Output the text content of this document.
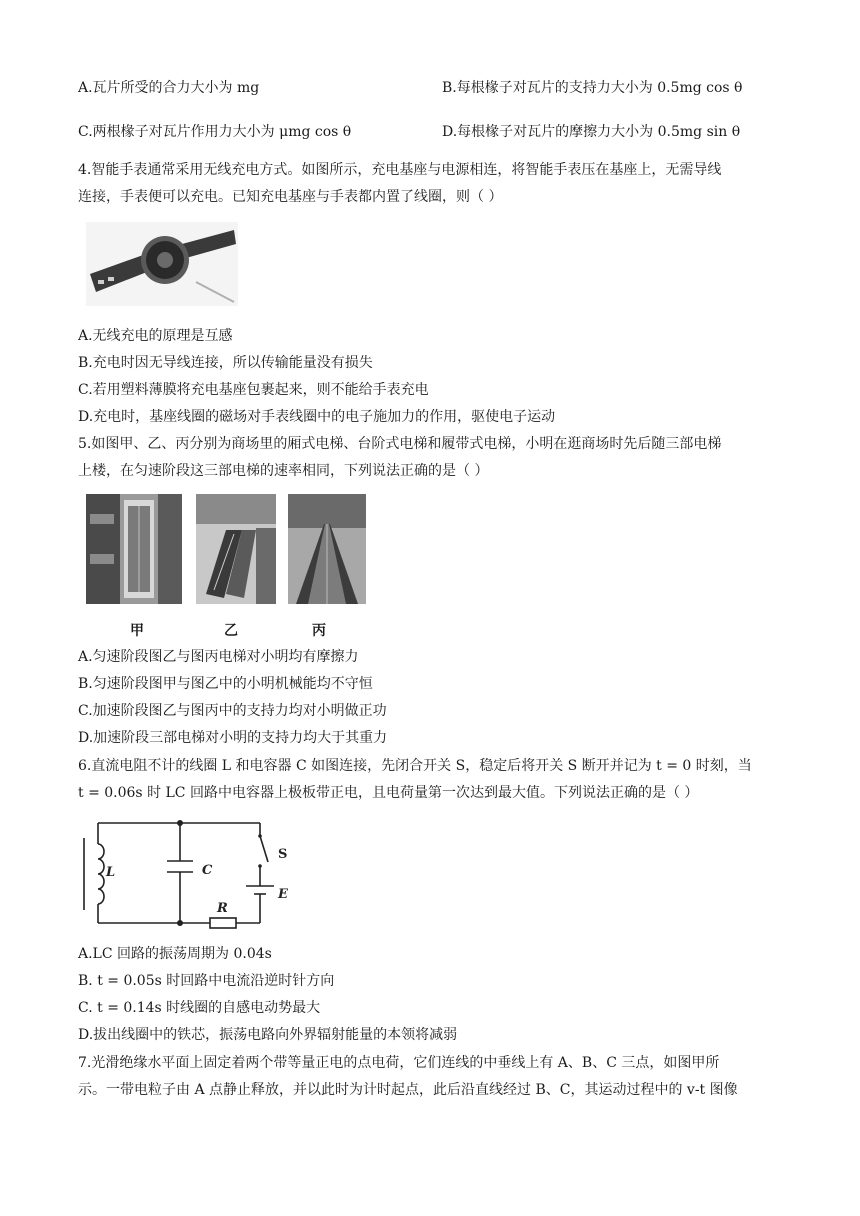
A.瓦片所受的合力大小为 mg	B.每根椽子对瓦片的支持力大小为 0.5mg cos θ
C.两根椽子对瓦片作用力大小为 μmg cos θ	D.每根椽子对瓦片的摩擦力大小为 0.5mg sin θ
4.智能手表通常采用无线充电方式。如图所示，充电基座与电源相连，将智能手表压在基座上，无需导线
连接，手表便可以充电。已知充电基座与手表都内置了线圈，则（ ）
A.无线充电的原理是互感
B.充电时因无导线连接，所以传输能量没有损失
C.若用塑料薄膜将充电基座包裹起来，则不能给手表充电
D.充电时，基座线圈的磁场对手表线圈中的电子施加力的作用，驱使电子运动
5.如图甲、乙、丙分别为商场里的厢式电梯、台阶式电梯和履带式电梯，小明在逛商场时先后随三部电梯
上楼，在匀速阶段这三部电梯的速率相同，下列说法正确的是（ ）
甲	乙	丙
A.匀速阶段图乙与图丙电梯对小明均有摩擦力
B.匀速阶段图甲与图乙中的小明机械能均不守恒
C.加速阶段图乙与图丙中的支持力均对小明做正功
D.加速阶段三部电梯对小明的支持力均大于其重力
6.直流电阻不计的线圈 L 和电容器 C 如图连接，先闭合开关 S，稳定后将开关 S 断开并记为 t = 0 时刻，当
t = 0.06s 时 LC 回路中电容器上极板带正电，且电荷量第一次达到最大值。下列说法正确的是（ ）
L	C
S
E
R
A.LC 回路的振荡周期为 0.04s
B. t = 0.05s 时回路中电流沿逆时针方向
C. t = 0.14s 时线圈的自感电动势最大
D.拔出线圈中的铁芯，振荡电路向外界辐射能量的本领将减弱
7.光滑绝缘水平面上固定着两个带等量正电的点电荷，它们连线的中垂线上有 A、B、C 三点，如图甲所
示。一带电粒子由 A 点静止释放，并以此时为计时起点，此后沿直线经过 B、C，其运动过程中的 v-t 图像
